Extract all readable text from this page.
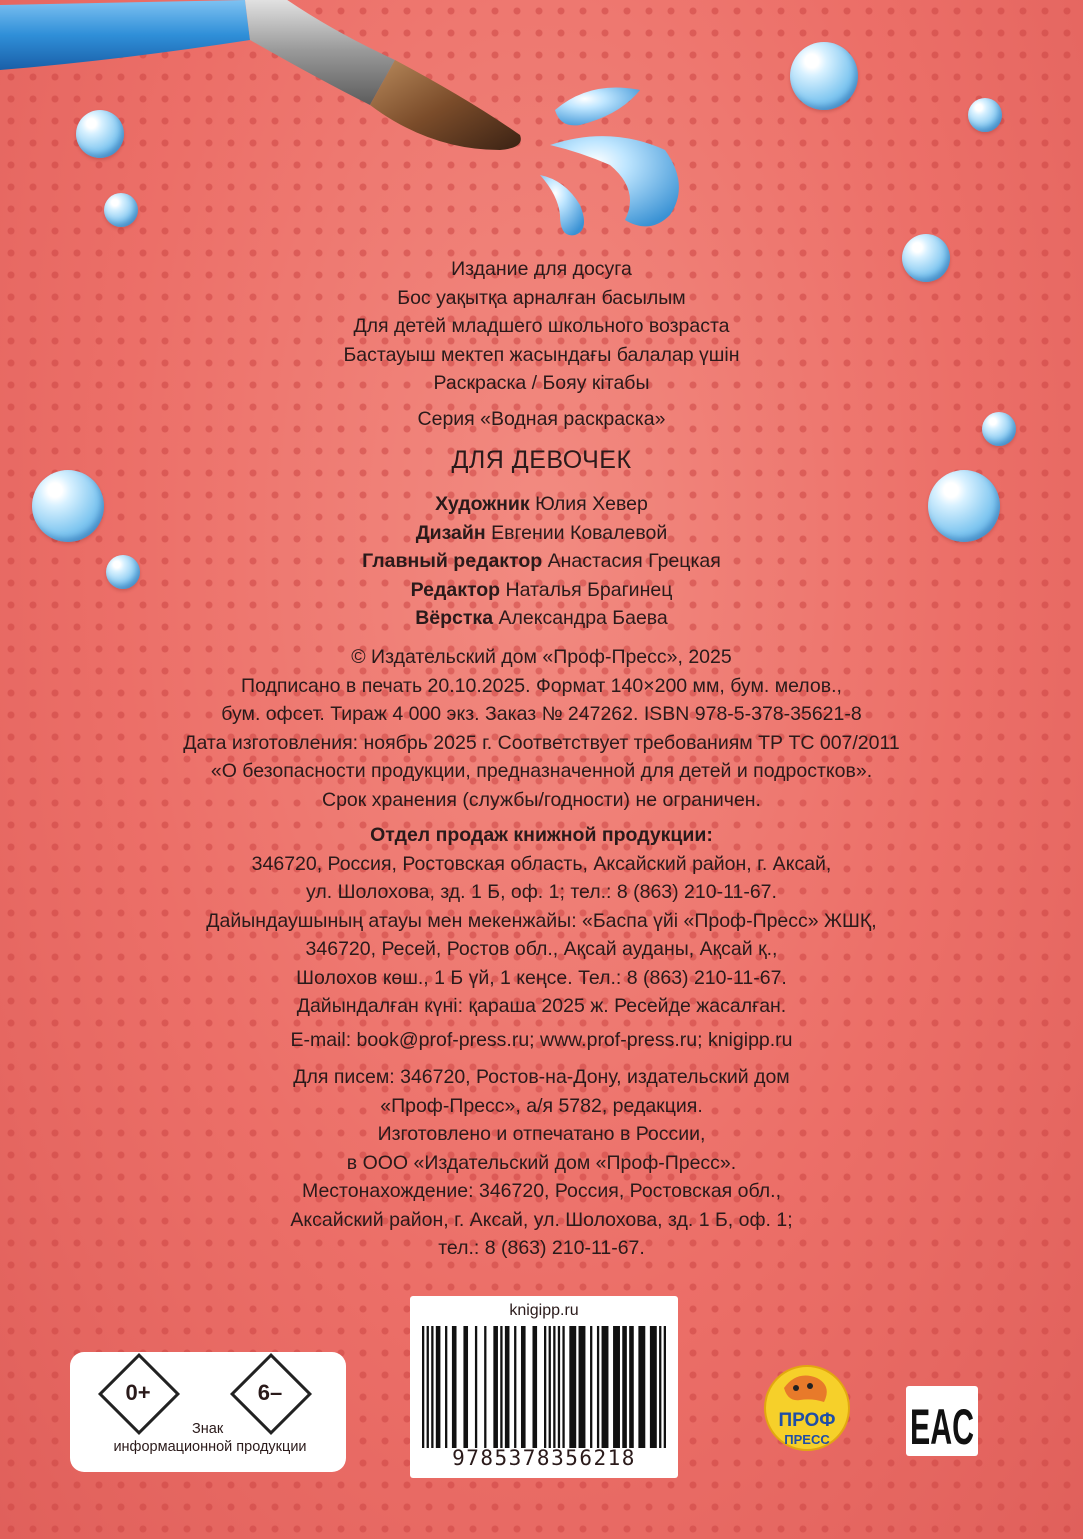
Издание для досуга
Бос уақытқа арналған басылым
Для детей младшего школьного возраста
Бастауыш мектеп жасындағы балалар үшін
Раскраска / Бояу кітабы
Серия «Водная раскраска»
ДЛЯ ДЕВОЧЕК
Художник Юлия Хевер
Дизайн Евгении Ковалевой
Главный редактор Анастасия Грецкая
Редактор Наталья Брагинец
Вёрстка Александра Баева
© Издательский дом «Проф-Пресс», 2025
Подписано в печать 20.10.2025. Формат 140×200 мм, бум. мелов.,
бум. офсет. Тираж 4 000 экз. Заказ № 247262. ISBN 978-5-378-35621-8
Дата изготовления: ноябрь 2025 г. Соответствует требованиям ТР ТС 007/2011
«О безопасности продукции, предназначенной для детей и подростков».
Срок хранения (службы/годности) не ограничен.
Отдел продаж книжной продукции:
346720, Россия, Ростовская область, Аксайский район, г. Аксай,
ул. Шолохова, зд. 1 Б, оф. 1; тел.: 8 (863) 210-11-67.
Дайындаушының атауы мен мекенжайы: «Баспа үйі «Проф-Пресс» ЖШҚ,
346720, Ресей, Ростов обл., Ақсай ауданы, Ақсай қ.,
Шолохов көш., 1 Б үй, 1 кеңсе. Тел.: 8 (863) 210-11-67.
Дайындалған күні: қараша 2025 ж. Ресейде жасалған.
E-mail: book@prof-press.ru; www.prof-press.ru; knigipp.ru
Для писем: 346720, Ростов-на-Дону, издательский дом
«Проф-Пресс», а/я 5782, редакция.
Изготовлено и отпечатано в России,
в ООО «Издательский дом «Проф-Пресс».
Местонахождение: 346720, Россия, Ростовская обл.,
Аксайский район, г. Аксай, ул. Шолохова, зд. 1 Б, оф. 1;
тел.: 8 (863) 210-11-67.
0+	6–
Знак
информационной продукции
knigipp.ru
9785378356218
ПРОФ
ПРЕСС EAC
